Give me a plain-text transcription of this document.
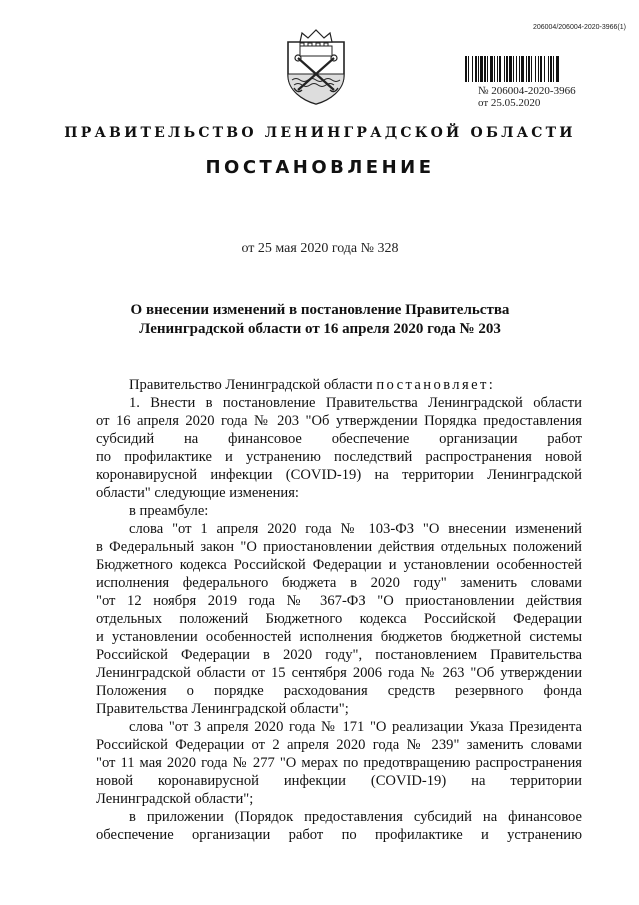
206004/206004-2020-3966(1)
№ 206004-2020-3966
от 25.05.2020
ПРАВИТЕЛЬСТВО ЛЕНИНГРАДСКОЙ ОБЛАСТИ
ПОСТАНОВЛЕНИЕ
от 25 мая 2020 года № 328
О внесении изменений в постановление Правительства
Ленинградской области от 16 апреля 2020 года № 203
Правительство Ленинградской области постановляет:
1. Внести в постановление Правительства Ленинградской области
от 16 апреля 2020 года № 203 "Об утверждении Порядка предоставления
субсидий на финансовое обеспечение организации работ
по профилактике и устранению последствий распространения новой
коронавирусной инфекции (COVID-19) на территории Ленинградской
области" следующие изменения:
в преамбуле:
слова "от 1 апреля 2020 года № 103-ФЗ "О внесении изменений
в Федеральный закон "О приостановлении действия отдельных положений
Бюджетного кодекса Российской Федерации и установлении особенностей
исполнения федерального бюджета в 2020 году" заменить словами
"от 12 ноября 2019 года № 367-ФЗ "О приостановлении действия
отдельных положений Бюджетного кодекса Российской Федерации
и установлении особенностей исполнения бюджетов бюджетной системы
Российской Федерации в 2020 году", постановлением Правительства
Ленинградской области от 15 сентября 2006 года № 263 "Об утверждении
Положения о порядке расходования средств резервного фонда
Правительства Ленинградской области";
слова "от 3 апреля 2020 года № 171 "О реализации Указа Президента
Российской Федерации от 2 апреля 2020 года № 239" заменить словами
"от 11 мая 2020 года № 277 "О мерах по предотвращению распространения
новой коронавирусной инфекции (COVID-19) на территории
Ленинградской области";
в приложении (Порядок предоставления субсидий на финансовое
обеспечение организации работ по профилактике и устранению
